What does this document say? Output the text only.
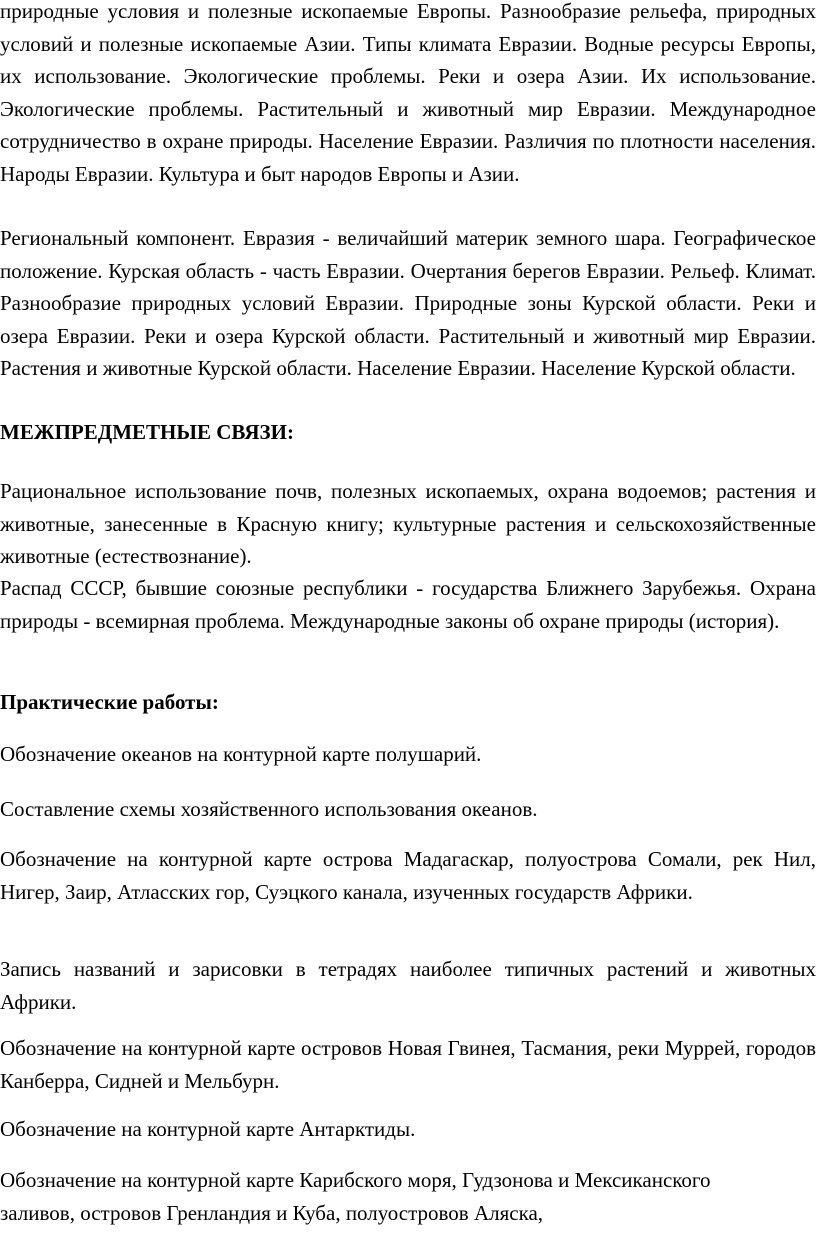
природные условия и полезные ископаемые Европы. Разнообразие рельефа, природных условий и полезные ископаемые Азии. Типы климата Евразии. Водные ресурсы Европы, их использование. Экологические проблемы. Реки и озера Азии. Их использование. Экологические проблемы. Растительный и животный мир Евразии. Международное сотрудничество в охране природы. Население Евразии. Различия по плотности населения. Народы Евразии. Культура и быт народов Европы и Азии.

Региональный компонент. Евразия - величайший материк земного шара. Географическое положение. Курская область - часть Евразии. Очертания берегов Евразии. Рельеф. Климат. Разнообразие природных условий Евразии. Природные зоны Курской области. Реки и озера Евразии. Реки и озера Курской области. Растительный и животный мир Евразии. Растения и животные Курской области. Население Евразии. Население Курской области.

МЕЖПРЕДМЕТНЫЕ СВЯЗИ:

Рациональное использование почв, полезных ископаемых, охрана водоемов; растения и животные, занесенные в Красную книгу; культурные растения и сельскохозяйственные животные (естествознание).

Распад СССР, бывшие союзные республики - государства Ближнего Зарубежья. Охрана природы - всемирная проблема. Международные законы об охране природы (история).

Практические работы:

Обозначение океанов на контурной карте полушарий.

Составление схемы хозяйственного использования океанов.

Обозначение на контурной карте острова Мадагаскар, полуострова Сомали, рек Нил, Нигер, Заир, Атласских гор, Суэцкого канала, изученных государств Африки.

Запись названий и зарисовки в тетрадях наиболее типичных растений и животных Африки.

Обозначение на контурной карте островов Новая Гвинея, Тасмания, реки Муррей, городов Канберра, Сидней и Мельбурн.

Обозначение на контурной карте Антарктиды.

Обозначение на контурной карте Карибского моря, Гудзонова и Мексиканского заливов, островов Гренландия и Куба, полуостровов Аляска,
